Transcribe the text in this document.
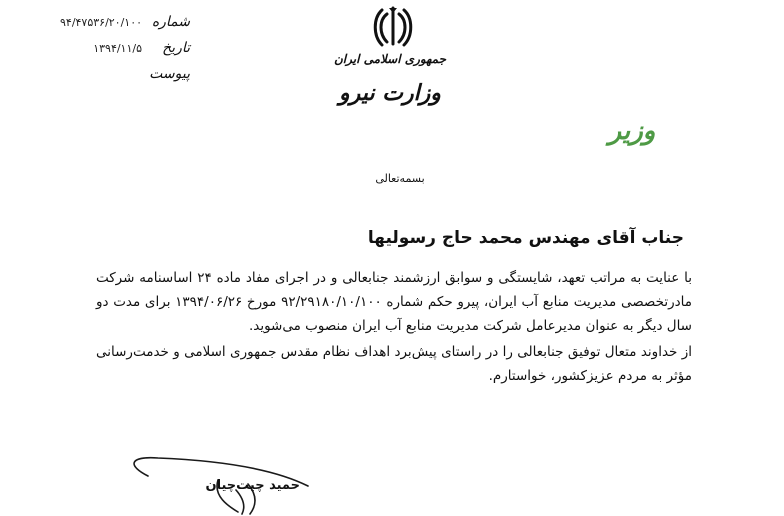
شماره
۹۴/۴۷۵۳۶/۲۰/۱۰۰
تاریخ
۱۳۹۴/۱۱/۵
پیوست
جمهوری اسلامی ایران
وزارت نیرو
وزیر
بسمه‌تعالی
جناب آقای مهندس محمد حاج رسولیها

با عنایت به مراتب تعهد، شایستگی و سوابق ارزشمند جنابعالی و در اجرای مفاد ماده ۲۴ اساسنامه شرکت مادرتخصصی مدیریت منابع آب ایران، پیرو حکم شماره ۹۲/۲۹۱۸۰/۱۰/۱۰۰ مورخ ۱۳۹۴/۰۶/۲۶ برای مدت دو سال دیگر به عنوان مدیرعامل شرکت مدیریت منابع آب ایران منصوب می‌شوید.

از خداوند متعال توفیق جنابعالی را در راستای پیش‌برد اهداف نظام مقدس جمهوری اسلامی و خدمت‌رسانی مؤثر به مردم عزیزکشور، خواستارم.

حمید چیت‌چیان
